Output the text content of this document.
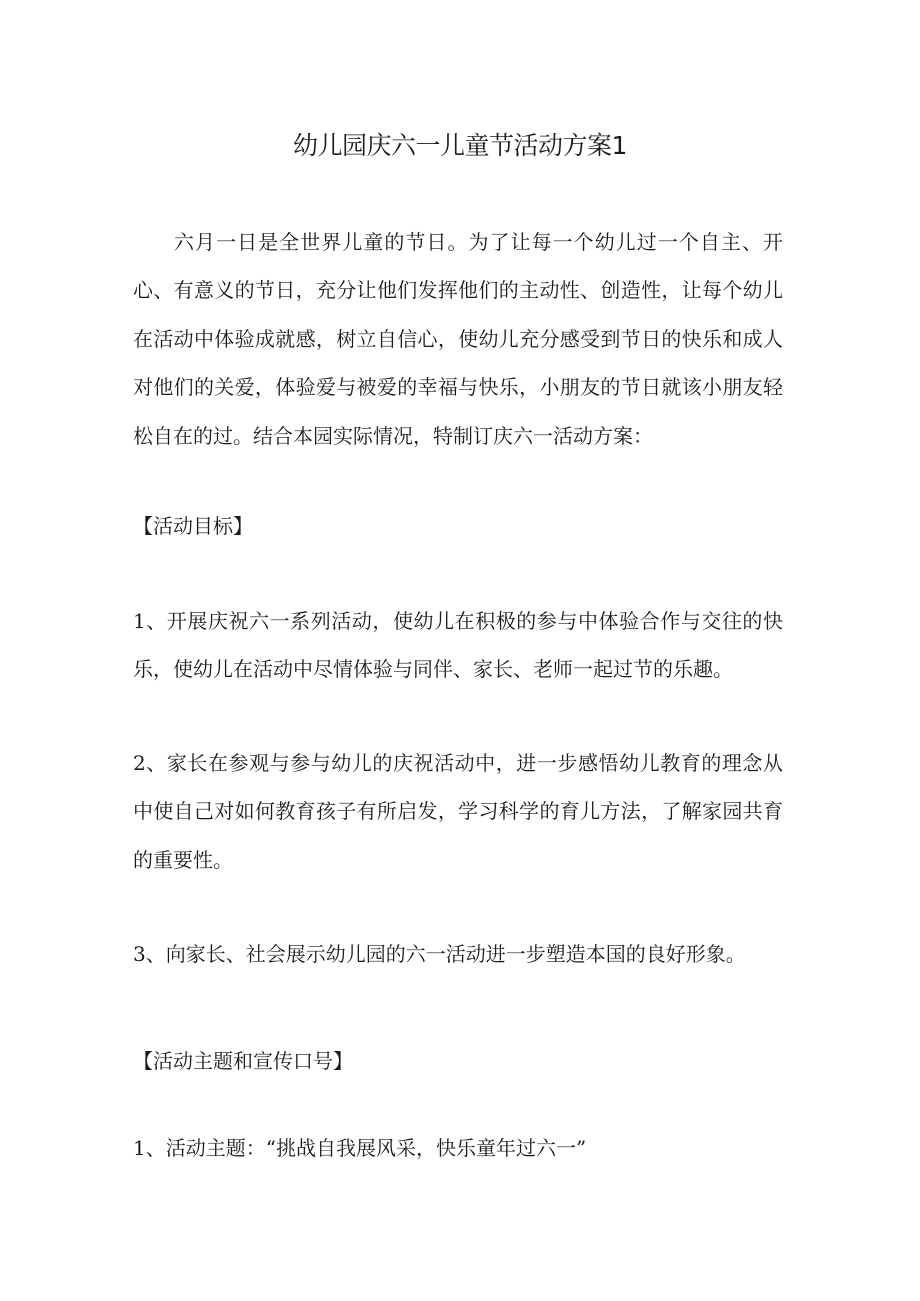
幼儿园庆六一儿童节活动方案1

六月一日是全世界儿童的节日。为了让每一个幼儿过一个自主、开心、有意义的节日，充分让他们发挥他们的主动性、创造性，让每个幼儿在活动中体验成就感，树立自信心，使幼儿充分感受到节日的快乐和成人对他们的关爱，体验爱与被爱的幸福与快乐，小朋友的节日就该小朋友轻松自在的过。结合本园实际情况，特制订庆六一活动方案：

【活动目标】

1、开展庆祝六一系列活动，使幼儿在积极的参与中体验合作与交往的快乐，使幼儿在活动中尽情体验与同伴、家长、老师一起过节的乐趣。

2、家长在参观与参与幼儿的庆祝活动中，进一步感悟幼儿教育的理念从中使自己对如何教育孩子有所启发，学习科学的育儿方法，了解家园共育的重要性。

3、向家长、社会展示幼儿园的六一活动进一步塑造本国的良好形象。

【活动主题和宣传口号】

1、活动主题：“挑战自我展风采，快乐童年过六一”
